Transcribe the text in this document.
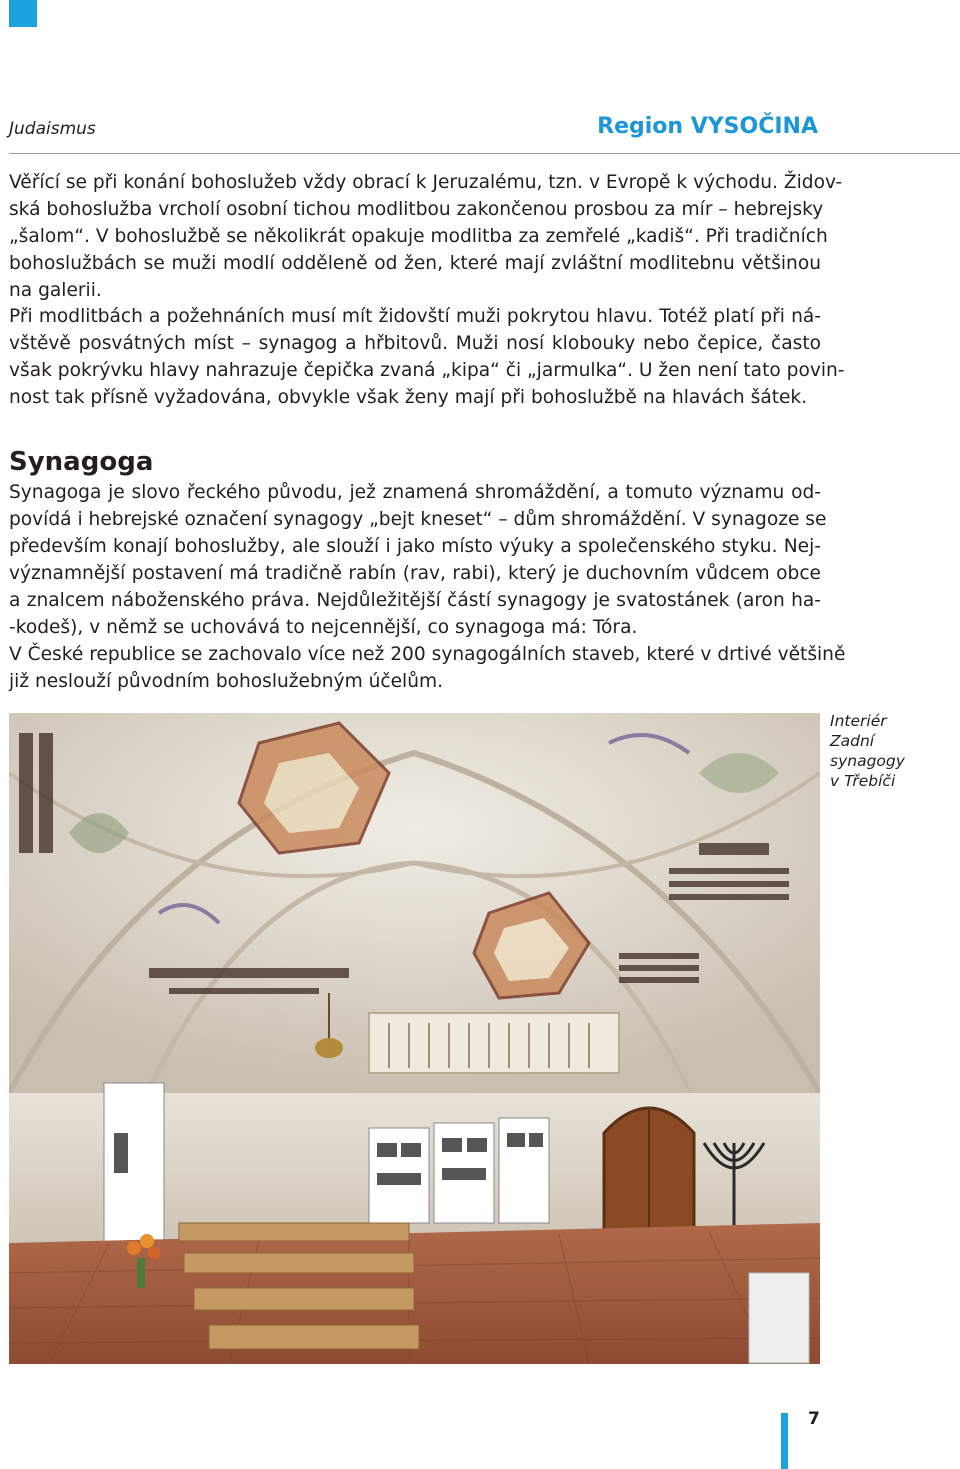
Judaismus	Region VYSOČINA
Věřící se při konání bohoslužeb vždy obrací k Jeruzalému, tzn. v Evropě k východu. Židov-
ská bohoslužba vrcholí osobní tichou modlitbou zakončenou prosbou za mír – hebrejsky
„šalom“. V bohoslužbě se několikrát opakuje modlitba za zemřelé „kadiš“. Při tradičních
bohoslužbách se muži modlí odděleně od žen, které mají zvláštní modlitebnu většinou
na galerii.
Při modlitbách a požehnáních musí mít židovští muži pokrytou hlavu. Totéž platí při ná-
vštěvě posvátných míst – synagog a hřbitovů. Muži nosí klobouky nebo čepice, často
však pokrývku hlavy nahrazuje čepička zvaná „kipa“ či „jarmulka“. U žen není tato povin-
nost tak přísně vyžadována, obvykle však ženy mají při bohoslužbě na hlavách šátek.
Synagoga
Synagoga je slovo řeckého původu, jež znamená shromáždění, a tomuto významu od-
povídá i hebrejské označení synagogy „bejt kneset“ – dům shromáždění. V synagoze se
především konají bohoslužby, ale slouží i jako místo výuky a společenského styku. Nej-
významnější postavení má tradičně rabín (rav, rabi), který je duchovním vůdcem obce
a znalcem náboženského práva. Nejdůležitější částí synagogy je svatostánek (aron ha-
-kodeš), v němž se uchovává to nejcennější, co synagoga má: Tóra.
V České republice se zachovalo více než 200 synagogálních staveb, které v drtivé většině
již neslouží původním bohoslužebným účelům.

Interiér
Zadní
synagogy
v Třebíči

7
